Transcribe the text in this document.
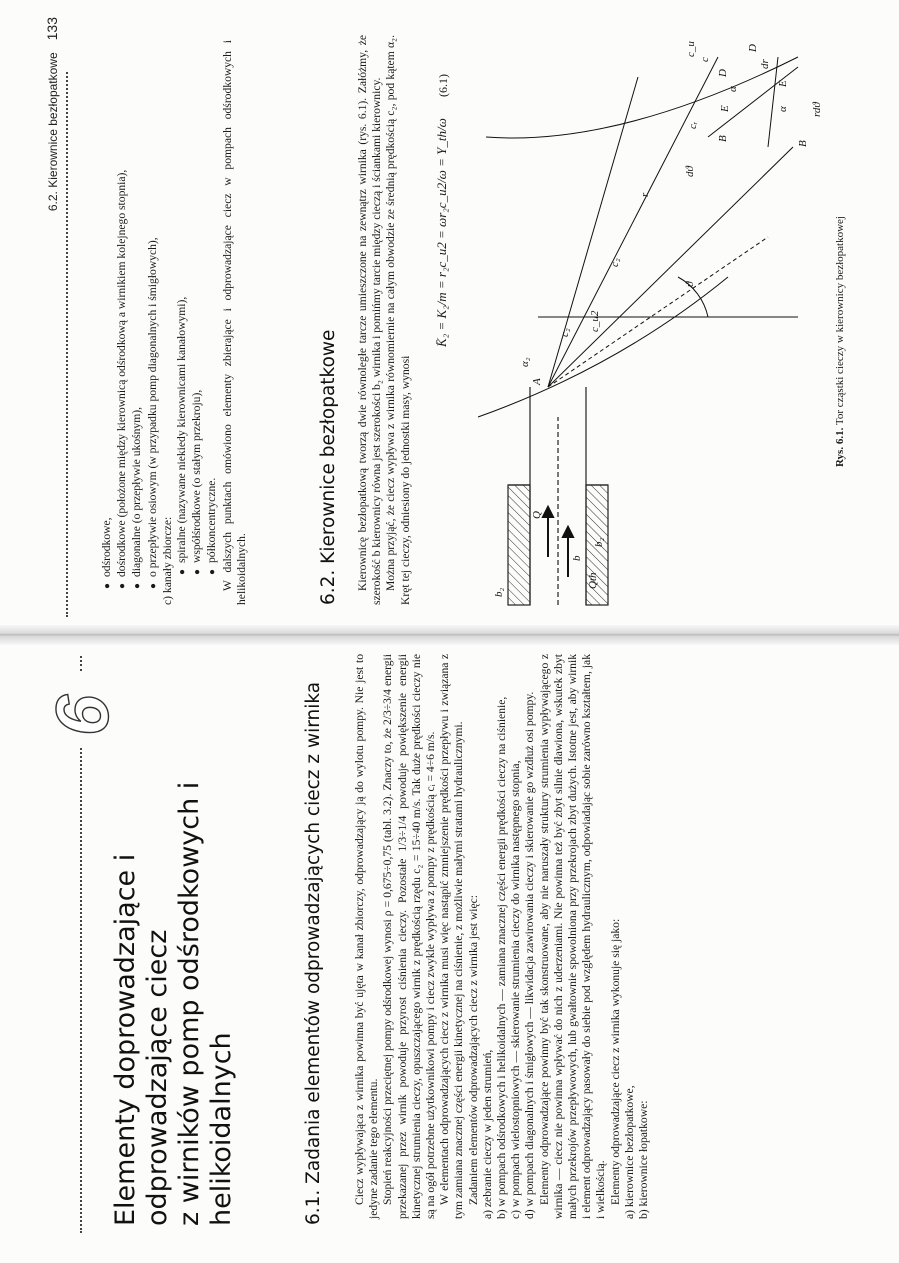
6
Elementy doprowadzające i odprowadzające ciecz z wirników pomp odśrodkowych i helikoidalnych	6.1. Zadania elementów odprowadzających ciecz z wirnika	Ciecz wypływająca z wirnika powinna być ujęta w kanał zbiorczy, odprowadzający ją do wylotu pompy. Nie jest to jedyne zadanie tego elementu. Stopień reakcyjności przeciętnej pompy odśrodkowej wynosi ρ = 0,675÷0,75 (tabl. 3.2). Znaczy to, że 2/3÷3/4 energii przekazanej przez wirnik powoduje przyrost ciśnienia cieczy. Pozostałe 1/3÷1/4 powoduje powiększenie energii kinetycznej strumienia cieczy, opuszczającego wirnik z prędkością rzędu c₂ = 15÷40 m/s. Tak duże prędkości cieczy nie są na ogół potrzebne użytkownikowi pompy i ciecz zwykle wypływa z pompy z prędkością cᵢ = 4÷6 m/s. W elementach odprowadzających ciecz z wirnika musi więc nastąpić zmniejszenie prędkości przepływu i związana z tym zamiana znacznej części energii kinetycznej na ciśnienie, z możliwie małymi stratami hydraulicznymi. Zadaniem elementów odprowadzających ciecz z wirnika jest więc: a) zebranie cieczy w jeden strumień, b) w pompach odśrodkowych i helikoidalnych — zamiana znacznej części energii prędkości cieczy na ciśnienie, c) w pompach wielostopniowych — skierowanie strumienia cieczy do wirnika następnego stopnia, d) w pompach diagonalnych i śmigłowych — likwidacja zawirowania cieczy i skierowanie go wzdłuż osi pompy. Elementy odprowadzające powinny być tak skonstruowane, aby nie naruszały struktury strumienia wypływającego z wirnika — ciecz nie powinna wpływać do nich z uderzeniami. Nie powinna też być zbyt silnie dławiona, wskutek zbyt małych przekrojów przepływowych, lub gwałtownie spowolniona przy przekrojach zbyt dużych. Istotne jest, aby wirnik i element odprowadzający pasowały do siebie pod względem hydraulicznym, odpowiadając sobie zarówno kształtem, jak i wielkością. Elementy odprowadzające ciecz z wirnika wykonuje się jako: a) kierownice bezłopatkowe, b) kierownice łopatkowe:

6.2. Kierownice bezłopatkowe133

●odśrodkowe,

●dośrodkowe (położone między kierownicą odśrodkową a wirnikiem kolejnego stopnia),

●diagonalne (o przepływie ukośnym),

●o przepływie osiowym (w przypadku pomp diagonalnych i śmigłowych), c) kanały zbiorcze: ●spiralne (nazywane niekiedy kierownicami kanałowymi),

●współśrodkowe (o stałym przekroju),

●półkoncentryczne. W dalszych punktach omówiono elementy zbierające i odprowadzające ciecz w pompach odśrodkowych i helikoidalnych.	6.2. Kierownice bezłopatkowe Kierownicę bezłopatkową tworzą dwie równoległe tarcze umieszczone na zewnątrz wirnika (rys. 6.1). Załóżmy, że szerokość b kierownicy równa jest szerokości b₂ wirnika i pomińmy tarcie między cieczą i ściankami kierownicy. Można przyjąć, że ciecz wypływa z wirnika równomiernie na całym obwodzie ze średnią prędkością c₂, pod kątem α₂. Kręt tej cieczy, odniesiony do jednostki masy, wynosi

K̄₂ = K₂/m = r₂c_u2 = ωr₂c_u2/ω = Y_th/ω
(6.1)
b₂
Q
b
b₂
Qth
A
α₂
c₂
c_u2
c₂
ϑ
dϑ
r
B
cᵣ
E
α
D
c
c_u
B
E
α
dr
D
rdϑ
Rys. 6.1. Tor cząstki cieczy w kierownicy bezłopatkowej
